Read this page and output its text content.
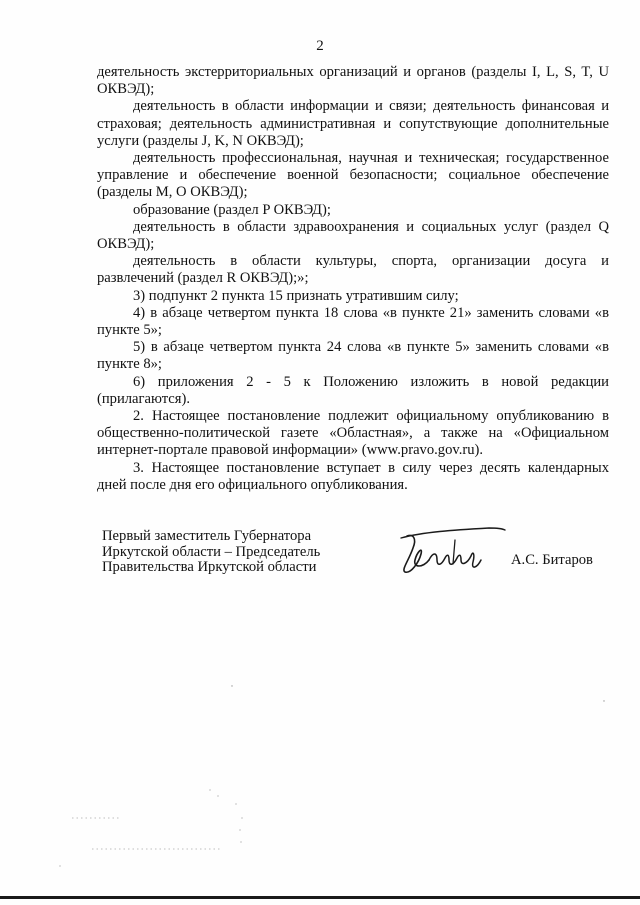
2

деятельность экстерриториальных организаций и органов (разделы I, L, S, T, U ОКВЭД);

деятельность в области информации и связи; деятельность финансовая и страховая; деятельность административная и сопутствующие дополнительные услуги (разделы J, K, N ОКВЭД);

деятельность профессиональная, научная и техническая; государственное управление и обеспечение военной безопасности; социальное обеспечение (разделы M, O ОКВЭД);

образование (раздел P ОКВЭД);

деятельность в области здравоохранения и социальных услуг (раздел Q ОКВЭД);

деятельность в области культуры, спорта, организации досуга и развлечений (раздел R ОКВЭД);»;

3) подпункт 2 пункта 15 признать утратившим силу;

4) в абзаце четвертом пункта 18 слова «в пункте 21» заменить словами «в пункте 5»;

5) в абзаце четвертом пункта 24 слова «в пункте 5» заменить словами «в пункте 8»;

6) приложения 2 - 5 к Положению изложить в новой редакции (прилагаются).

2. Настоящее постановление подлежит официальному опубликованию в общественно-политической газете «Областная», а также на «Официальном интернет-портале правовой информации» (www.pravo.gov.ru).

3. Настоящее постановление вступает в силу через десять календарных дней после дня его официального опубликования.

Первый заместитель Губернатора
Иркутской области – Председатель
Правительства Иркутской области	А.С. Битаров
